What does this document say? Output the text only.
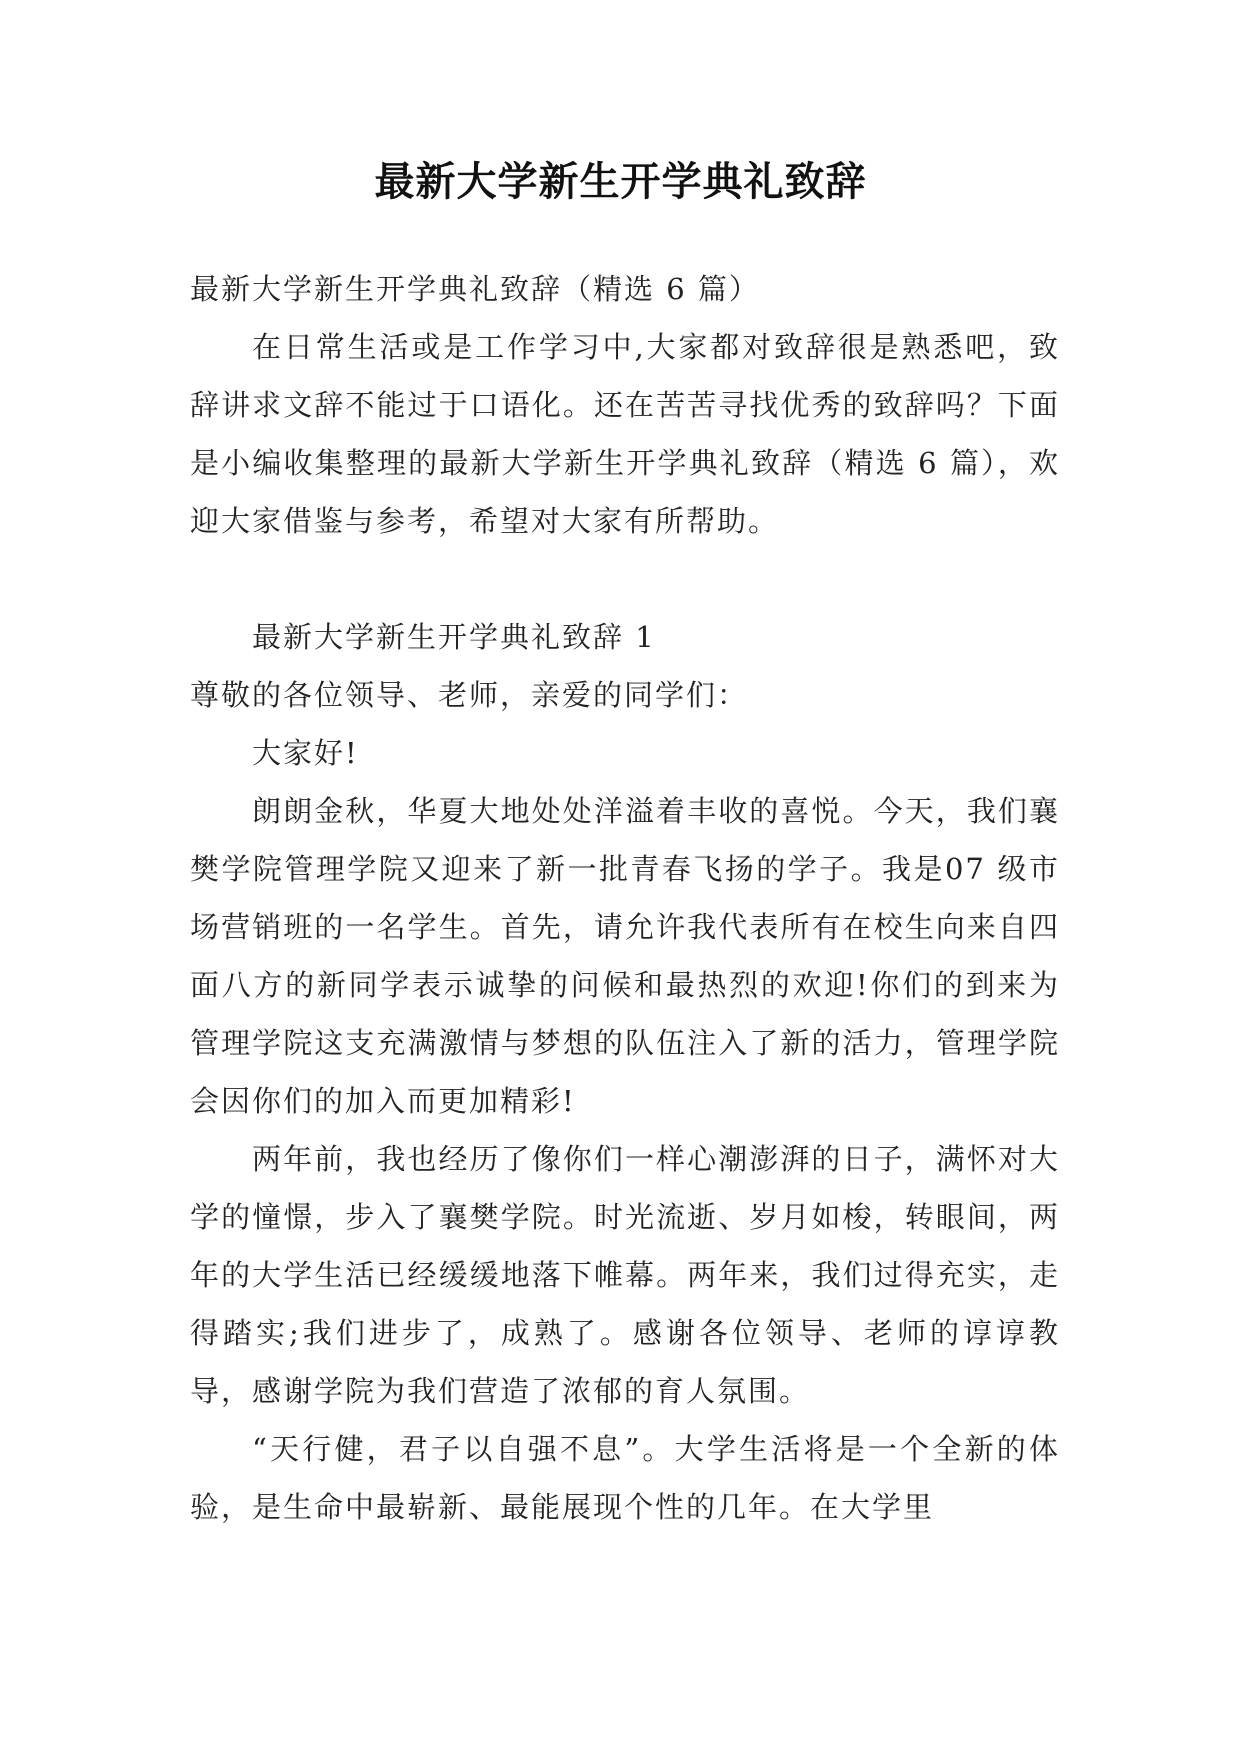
最新大学新生开学典礼致辞

最新大学新生开学典礼致辞（精选 6 篇）

在日常生活或是工作学习中,大家都对致辞很是熟悉吧，致辞讲求文辞不能过于口语化。还在苦苦寻找优秀的致辞吗？下面是小编收集整理的最新大学新生开学典礼致辞（精选 6 篇），欢迎大家借鉴与参考，希望对大家有所帮助。

最新大学新生开学典礼致辞 1

尊敬的各位领导、老师，亲爱的同学们：

大家好!

朗朗金秋，华夏大地处处洋溢着丰收的喜悦。今天，我们襄樊学院管理学院又迎来了新一批青春飞扬的学子。我是07 级市场营销班的一名学生。首先，请允许我代表所有在校生向来自四面八方的新同学表示诚挚的问候和最热烈的欢迎!你们的到来为管理学院这支充满激情与梦想的队伍注入了新的活力，管理学院会因你们的加入而更加精彩!

两年前，我也经历了像你们一样心潮澎湃的日子，满怀对大学的憧憬，步入了襄樊学院。时光流逝、岁月如梭，转眼间，两年的大学生活已经缓缓地落下帷幕。两年来，我们过得充实，走得踏实;我们进步了，成熟了。感谢各位领导、老师的谆谆教导，感谢学院为我们营造了浓郁的育人氛围。

“天行健，君子以自强不息”。大学生活将是一个全新的体验，是生命中最崭新、最能展现个性的几年。在大学里
